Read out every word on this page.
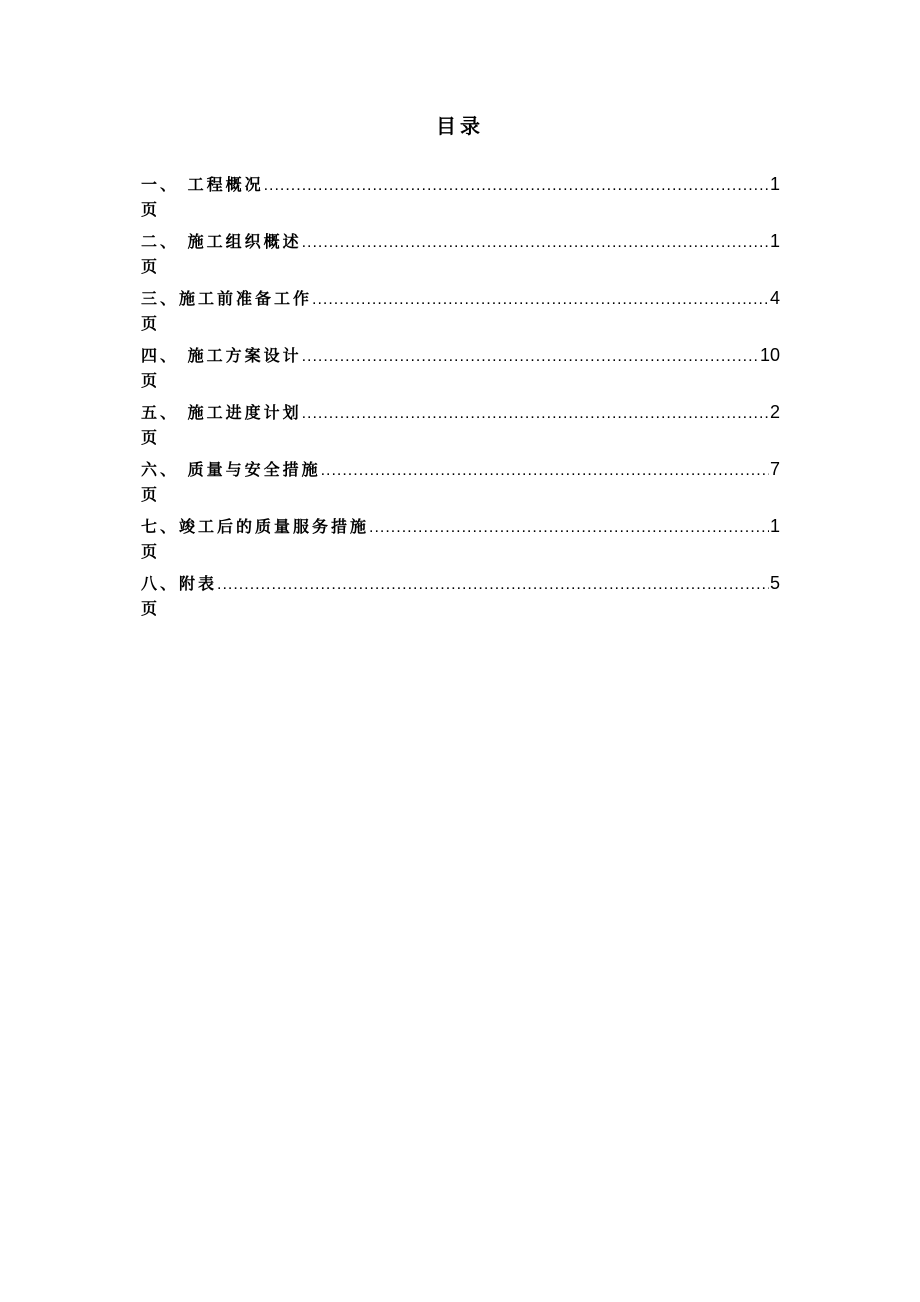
目录
一、 工程概况 .....	1
页
二、 施工组织概述 .....	1
页
三、施工前准备工作 .....	4
页
四、 施工方案设计 .....	10
页
五、 施工进度计划 .....	2
页
六、 质量与安全措施 .....	7
页
七、竣工后的质量服务措施 .....	1
页
八、附表 .....	5
页
